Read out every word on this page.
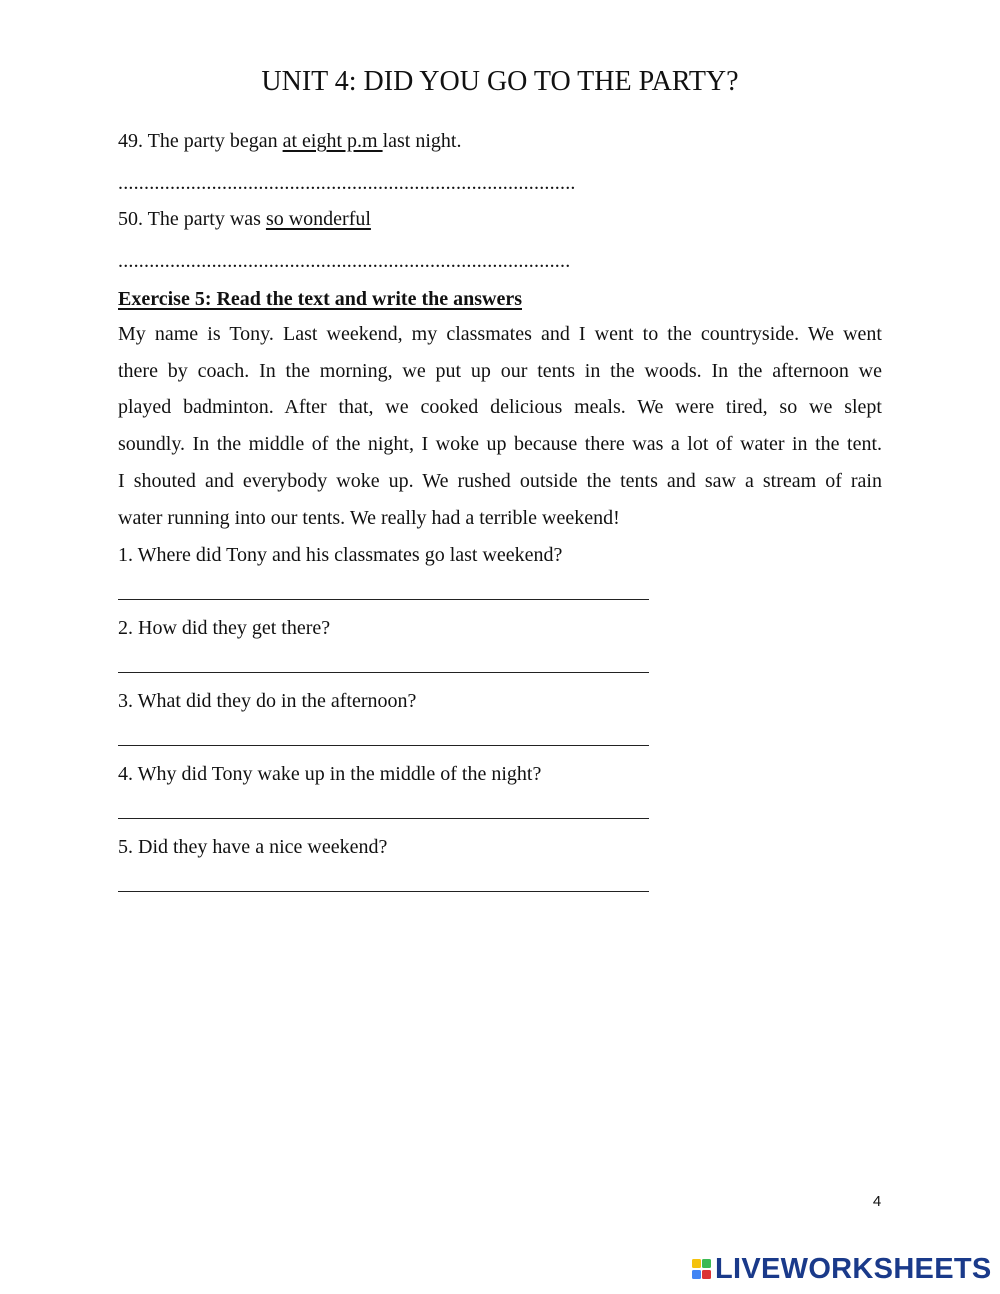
UNIT 4: DID YOU GO TO THE PARTY?
49. The party began at eight p.m last night.
........................................................................................
50. The party was so wonderful
.......................................................................................
Exercise 5: Read the text and write the answers
My name is Tony. Last weekend, my classmates and I went to the countryside. We went
there by coach. In the morning, we put up our tents in the woods. In the afternoon we
played badminton. After that, we cooked delicious meals. We were tired, so we slept
soundly. In the middle of the night, I woke up because there was a lot of water in the tent.
I shouted and everybody woke up. We rushed outside the tents and saw a stream of rain
water running into our tents. We really had a terrible weekend!
1. Where did Tony and his classmates go last weekend?
2. How did they get there?
3. What did they do in the afternoon?
4. Why did Tony wake up in the middle of the night?
5. Did they have a nice weekend?
4
LIVEWORKSHEETS
